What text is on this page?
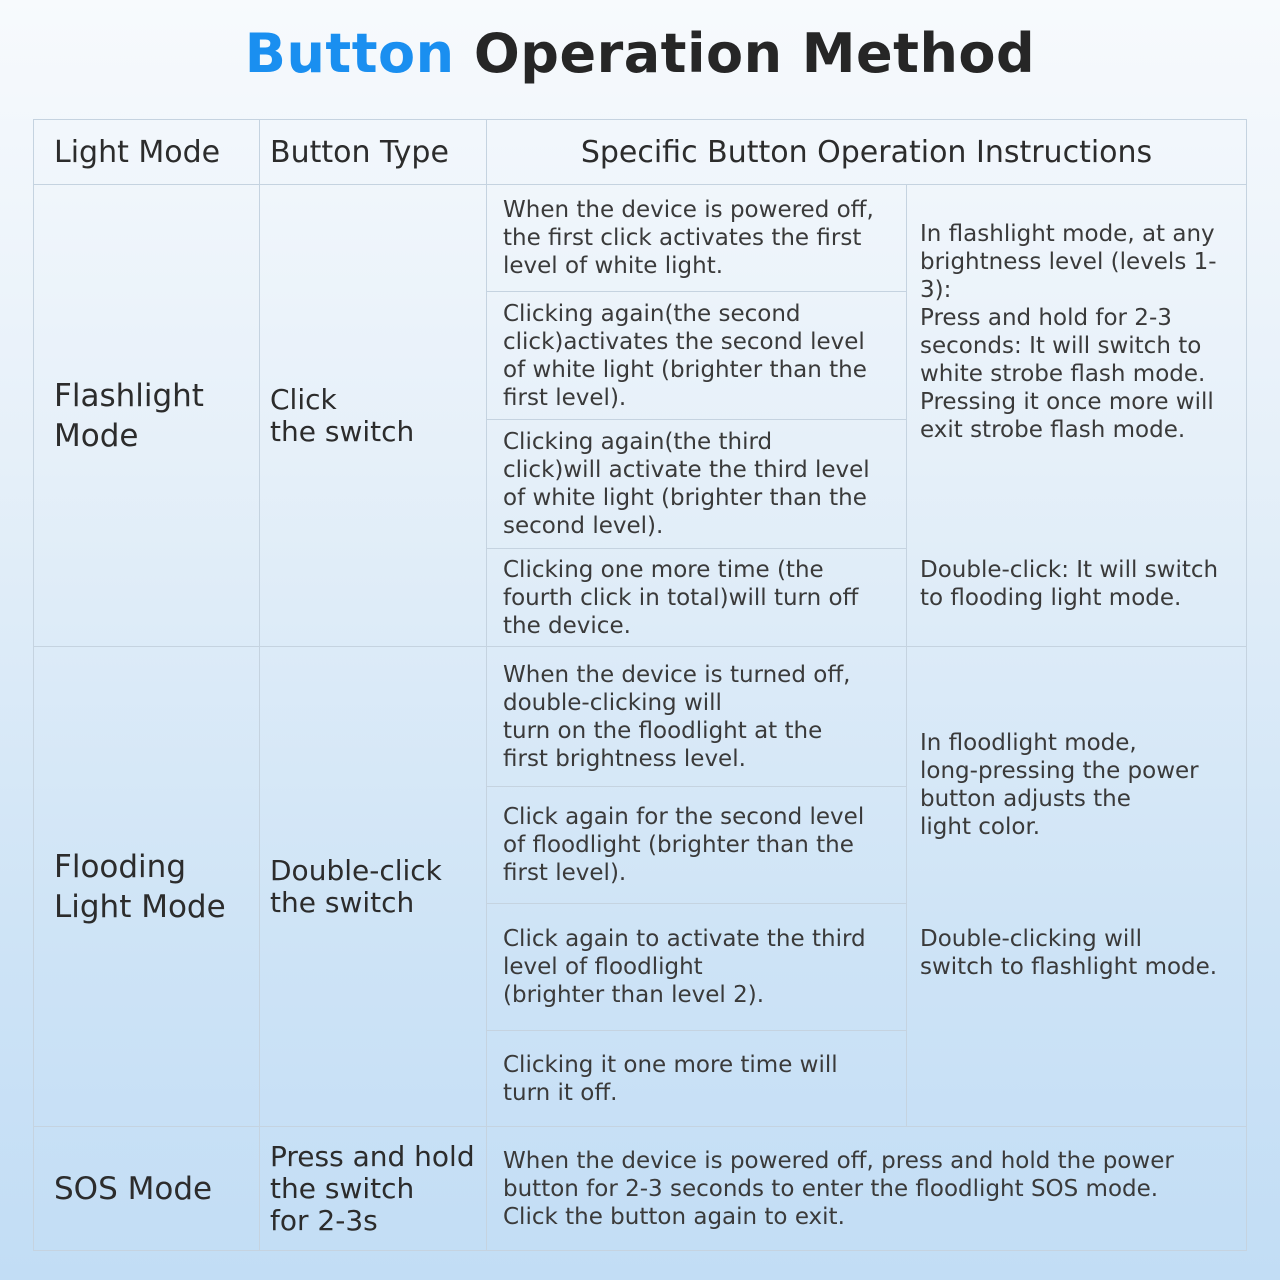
Button Operation Method
Light Mode	Button Type	Specific Button Operation Instructions
Flashlight
Mode
Click
the switch
When the device is powered off,
the first click activates the first
level of white light.
Clicking again(the second
click)activates the second level
of white light (brighter than the
first level).
Clicking again(the third
click)will activate the third level
of white light (brighter than the
second level).
Clicking one more time (the
fourth click in total)will turn off
the device.

In flashlight mode, at any
brightness level (levels 1-3):
Press and hold for 2-3
seconds: It will switch to
white strobe flash mode.
Pressing it once more will
exit strobe flash mode.

Double-click: It will switch
to flooding light mode.

Flooding
Light Mode
Double-click
the switch
When the device is turned off,
double-clicking will
turn on the floodlight at the
first brightness level.
Click again for the second level
of floodlight (brighter than the
first level).
Click again to activate the third
level of floodlight
(brighter than level 2).
Clicking it one more time will
turn it off.

In floodlight mode,
long-pressing the power
button adjusts the
light color.

Double-clicking will
switch to flashlight mode.

SOS Mode
Press and hold
the switch
for 2-3s
When the device is powered off, press and hold the power
button for 2-3 seconds to enter the floodlight SOS mode.
Click the button again to exit.
